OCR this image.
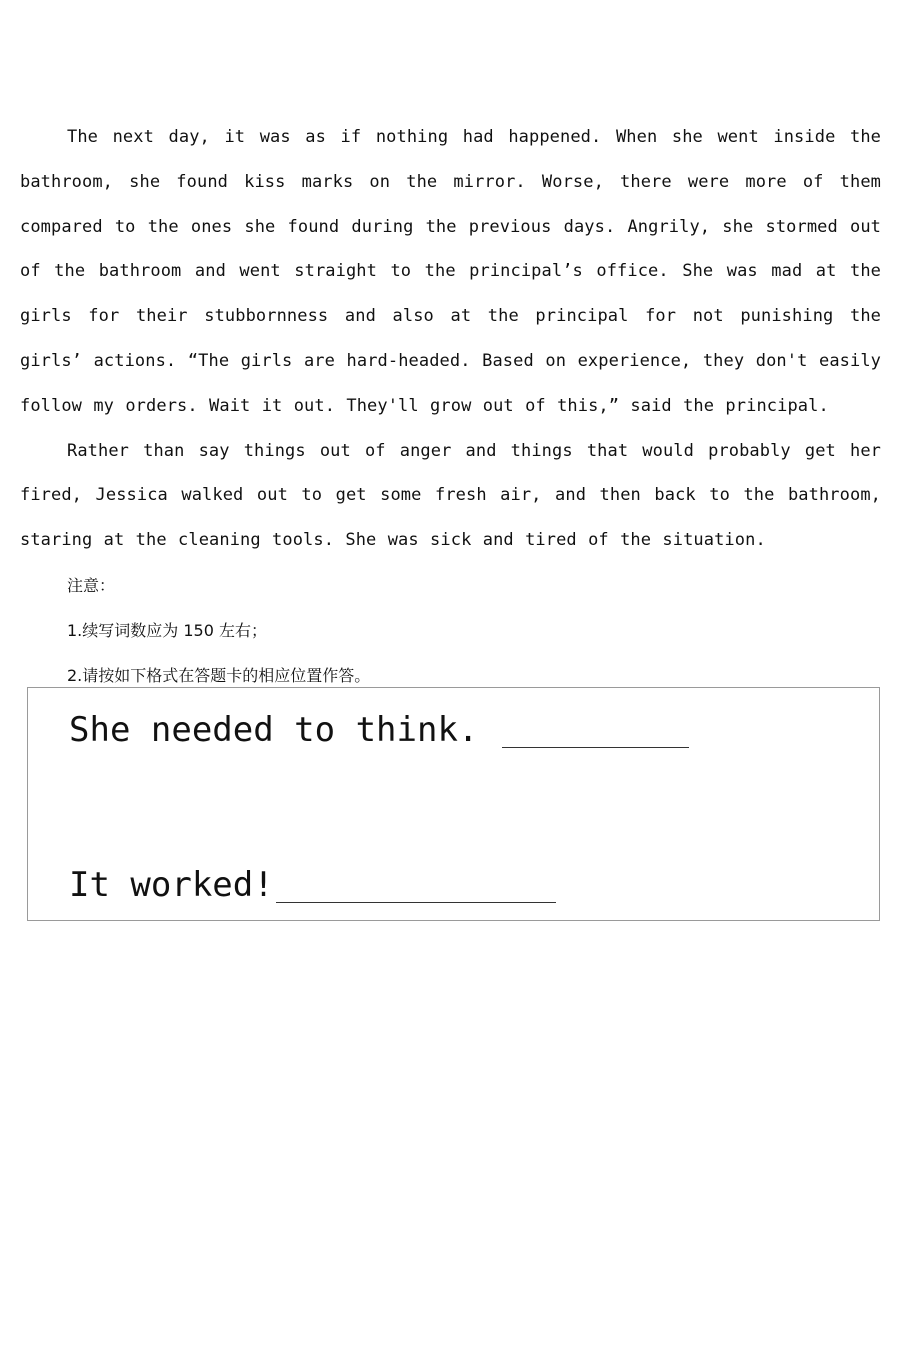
The next day, it was as if nothing had happened. When she went inside the bathroom, she found kiss marks on the mirror. Worse, there were more of them compared to the ones she found during the previous days. Angrily, she stormed out of the bathroom and went straight to the principal’s office. She was mad at the girls for their stubbornness and also at the principal for not punishing the girls’ actions. “The girls are hard-headed. Based on experience, they don't easily follow my orders. Wait it out. They'll grow out of this,” said the principal.

Rather than say things out of anger and things that would probably get her fired, Jessica walked out to get some fresh air, and then back to the bathroom, staring at the cleaning tools. She was sick and tired of the situation.

注意：
1.续写词数应为 150 左右；
2.请按如下格式在答题卡的相应位置作答。
She needed to think.
It worked!
